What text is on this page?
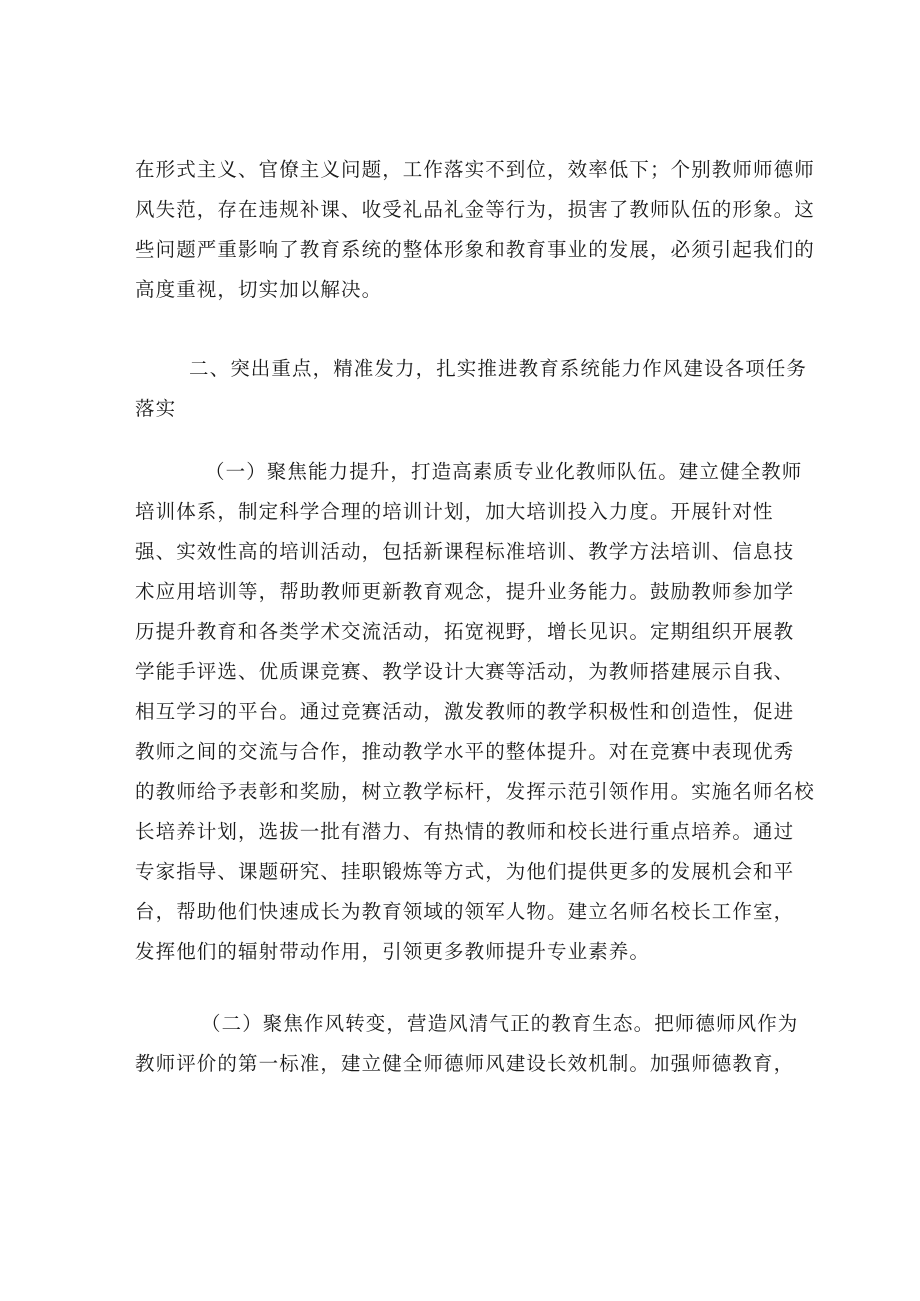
在形式主义、官僚主义问题，工作落实不到位，效率低下；个别教师师德师
风失范，存在违规补课、收受礼品礼金等行为，损害了教师队伍的形象。这
些问题严重影响了教育系统的整体形象和教育事业的发展，必须引起我们的
高度重视，切实加以解决。
二、突出重点，精准发力，扎实推进教育系统能力作风建设各项任务
落实
（一）聚焦能力提升，打造高素质专业化教师队伍。建立健全教师
培训体系，制定科学合理的培训计划，加大培训投入力度。开展针对性
强、实效性高的培训活动，包括新课程标准培训、教学方法培训、信息技
术应用培训等，帮助教师更新教育观念，提升业务能力。鼓励教师参加学
历提升教育和各类学术交流活动，拓宽视野，增长见识。定期组织开展教
学能手评选、优质课竞赛、教学设计大赛等活动，为教师搭建展示自我、
相互学习的平台。通过竞赛活动，激发教师的教学积极性和创造性，促进
教师之间的交流与合作，推动教学水平的整体提升。对在竞赛中表现优秀
的教师给予表彰和奖励，树立教学标杆，发挥示范引领作用。实施名师名校
长培养计划，选拔一批有潜力、有热情的教师和校长进行重点培养。通过
专家指导、课题研究、挂职锻炼等方式，为他们提供更多的发展机会和平
台，帮助他们快速成长为教育领域的领军人物。建立名师名校长工作室，
发挥他们的辐射带动作用，引领更多教师提升专业素养。
（二）聚焦作风转变，营造风清气正的教育生态。把师德师风作为
教师评价的第一标准，建立健全师德师风建设长效机制。加强师德教育，
